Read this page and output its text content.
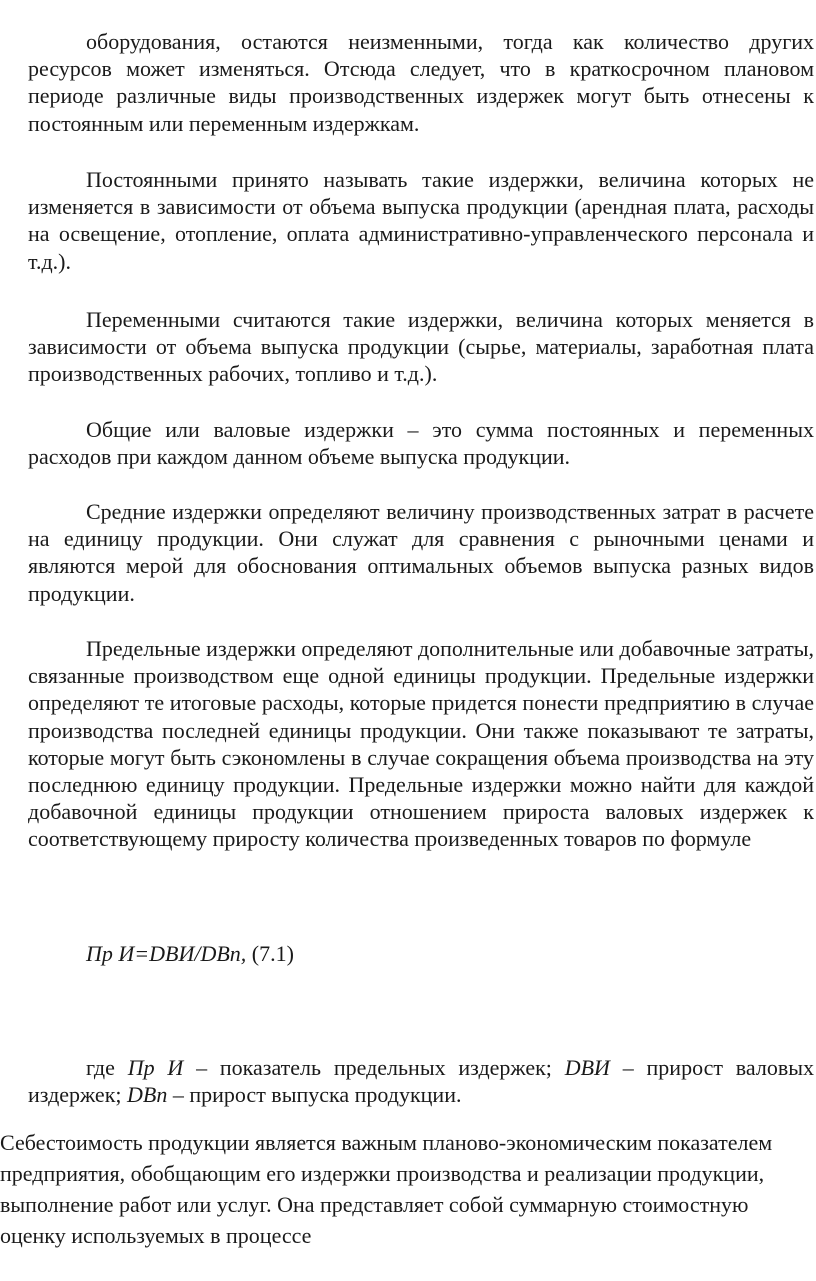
оборудования, остаются неизменными, тогда как количество других ресурсов может изменяться. Отсюда следует, что в краткосрочном плановом периоде различные виды производственных издержек могут быть отнесены к постоянным или переменным издержкам.

Постоянными принято называть такие издержки, величина которых не изменяется в зависимости от объема выпуска продукции (арендная плата, расходы на освещение, отопление, оплата административно-управленческого персонала и т.д.).

Переменными считаются такие издержки, величина которых меняется в зависимости от объема выпуска продукции (сырье, материалы, заработная плата производственных рабочих, топливо и т.д.).

Общие или валовые издержки – это сумма постоянных и переменных расходов при каждом данном объеме выпуска продукции.

Средние издержки определяют величину производственных затрат в расчете на единицу продукции. Они служат для сравнения с рыночными ценами и являются мерой для обоснования оптимальных объемов выпуска разных видов продукции.

Предельные издержки определяют дополнительные или добавочные затраты, связанные производством еще одной единицы продукции. Предельные издержки определяют те итоговые расходы, которые придется понести предприятию в случае производства последней единицы продукции. Они также показывают те затраты, которые могут быть сэкономлены в случае сокращения объема производства на эту последнюю единицу продукции. Предельные издержки можно найти для каждой добавочной единицы продукции отношением прироста валовых издержек к соответствующему приросту количества произведенных товаров по формуле

Пр И=DВИ/DВп, (7.1)

где Пр И – показатель предельных издержек; DВИ – прирост валовых издержек; DВп – прирост выпуска продукции.

Себестоимость продукции является важным планово-экономическим показателем предприятия, обобщающим его издержки производства и реализации продукции, выполнение работ или услуг. Она представляет собой суммарную стоимостную оценку используемых в процессе
